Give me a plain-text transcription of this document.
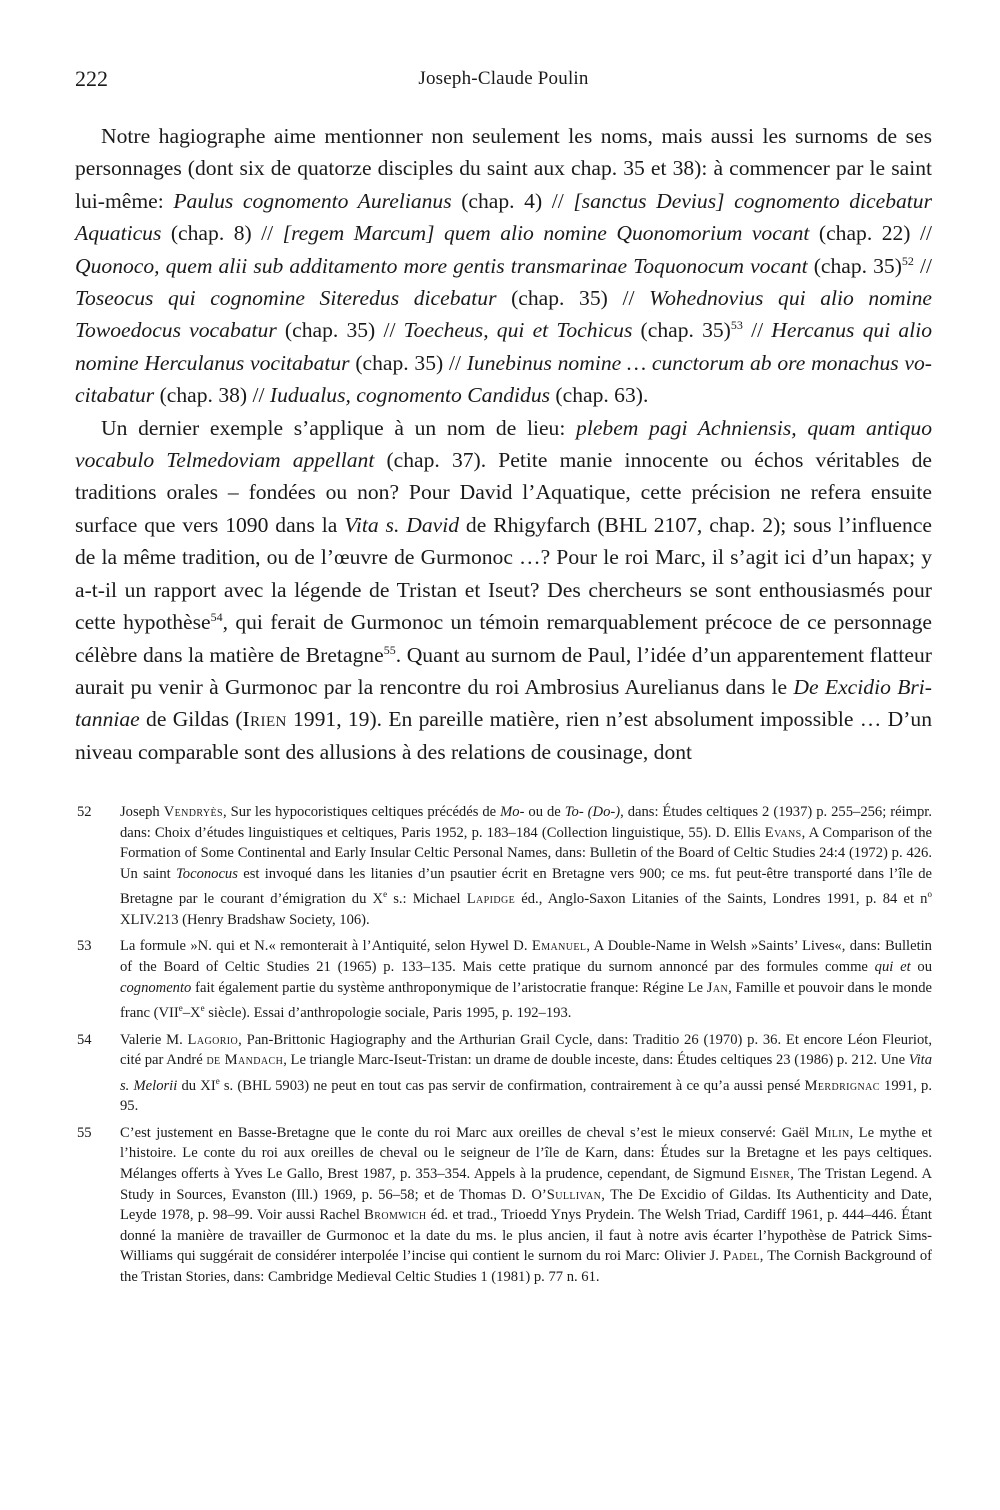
222	Joseph-Claude Poulin

Notre hagiographe aime mentionner non seulement les noms, mais aussi les surnoms de ses personnages (dont six de quatorze disciples du saint aux chap. 35 et 38): à commencer par le saint lui-même: Paulus cognomento Aurelianus (chap. 4) // [sanctus Devius] cognomento dicebatur Aquaticus (chap. 8) // [regem Marcum] quem alio nomine Quonomorium vocant (chap. 22) // Quonoco, quem alii sub additamento more gentis transmarinae Toquonocum vocant (chap. 35)$^{52}$ // Toseocus qui cognomine Siteredus dicebatur (chap. 35) // Wohednovius qui alio nomine Towoedocus vocabatur (chap. 35) // Toecheus, qui et Tochicus (chap. 35)$^{53}$ // Hercanus qui alio nomine Herculanus vocitabatur (chap. 35) // Iunebinus nomine … cunctorum ab ore monachus vocitabatur (chap. 38) // Iudualus, cognomento Candidus (chap. 63).

Un dernier exemple s’applique à un nom de lieu: plebem pagi Achniensis, quam antiquo vocabulo Telmedoviam appellant (chap. 37). Petite manie innocente ou échos véritables de traditions orales – fondées ou non? Pour David l’Aquatique, cette précision ne refera ensuite surface que vers 1090 dans la Vita s. David de Rhigyfarch (BHL 2107, chap. 2); sous l’influence de la même tradition, ou de l’œuvre de Gurmonoc …? Pour le roi Marc, il s’agit ici d’un hapax; y a-t-il un rapport avec la légende de Tristan et Iseut? Des chercheurs se sont enthousiasmés pour cette hypothèse$^{54}$, qui ferait de Gurmonoc un témoin remarquablement précoce de ce personnage célèbre dans la matière de Bretagne$^{55}$. Quant au surnom de Paul, l’idée d’un apparentement flatteur aurait pu venir à Gurmonoc par la rencontre du roi Ambrosius Aurelianus dans le De Excidio Britanniae de Gildas (Irien 1991, 19). En pareille matière, rien n’est absolument impossible … D’un niveau comparable sont des allusions à des relations de cousinage, dont

52 Joseph Vendryès, Sur les hypocoristiques celtiques précédés de Mo- ou de To- (Do-), dans: Études celtiques 2 (1937) p. 255–256; réimpr. dans: Choix d’études linguistiques et celtiques, Paris 1952, p. 183–184 (Collection linguistique, 55). D. Ellis Evans, A Comparison of the Formation of Some Continental and Early Insular Celtic Personal Names, dans: Bulletin of the Board of Celtic Studies 24:4 (1972) p. 426. Un saint Toconocus est invoqué dans les litanies d’un psautier écrit en Bretagne vers 900; ce ms. fut peut-être transporté dans l’île de Bretagne par le courant d’émigration du Xe s.: Michael Lapidge éd., Anglo-Saxon Litanies of the Saints, Londres 1991, p. 84 et $n^o$ XLIV.213 (Henry Bradshaw Society, 106).
53 La formule »N. qui et N.« remonterait à l’Antiquité, selon Hywel D. Emanuel, A Double-Name in Welsh »Saints’ Lives«, dans: Bulletin of the Board of Celtic Studies 21 (1965) p. 133–135. Mais cette pratique du surnom annoncé par des formules comme qui et ou cognomento fait également partie du système anthroponymique de l’aristocratie franque: Régine Le Jan, Famille et pouvoir dans le monde franc (VIIe–Xe siècle). Essai d’anthropologie sociale, Paris 1995, p. 192–193.
54 Valerie M. Lagorio, Pan-Brittonic Hagiography and the Arthurian Grail Cycle, dans: Traditio 26 (1970) p. 36. Et encore Léon Fleuriot, cité par André de Mandach, Le triangle Marc-Iseut-Tristan: un drame de double inceste, dans: Études celtiques 23 (1986) p. 212. Une Vita s. Melorii du XIe s. (BHL 5903) ne peut en tout cas pas servir de confirmation, contrairement à ce qu’a aussi pensé Merdrignac 1991, p. 95.
55 C’est justement en Basse-Bretagne que le conte du roi Marc aux oreilles de cheval s’est le mieux conservé: Gaël Milin, Le mythe et l’histoire. Le conte du roi aux oreilles de cheval ou le seigneur de l’île de Karn, dans: Études sur la Bretagne et les pays celtiques. Mélanges offerts à Yves Le Gallo, Brest 1987, p. 353–354. Appels à la prudence, cependant, de Sigmund Eisner, The Tristan Legend. A Study in Sources, Evanston (Ill.) 1969, p. 56–58; et de Thomas D. O’Sullivan, The De Excidio of Gildas. Its Authenticity and Date, Leyde 1978, p. 98–99. Voir aussi Rachel Bromwich éd. et trad., Trioedd Ynys Prydein. The Welsh Triad, Cardiff 1961, p. 444–446. Étant donné la manière de travailler de Gurmonoc et la date du ms. le plus ancien, il faut à notre avis écarter l’hypothèse de Patrick Sims-Williams qui suggérait de considérer interpolée l’incise qui contient le surnom du roi Marc: Olivier J. Padel, The Cornish Background of the Tristan Stories, dans: Cambridge Medieval Celtic Studies 1 (1981) p. 77 n. 61.
